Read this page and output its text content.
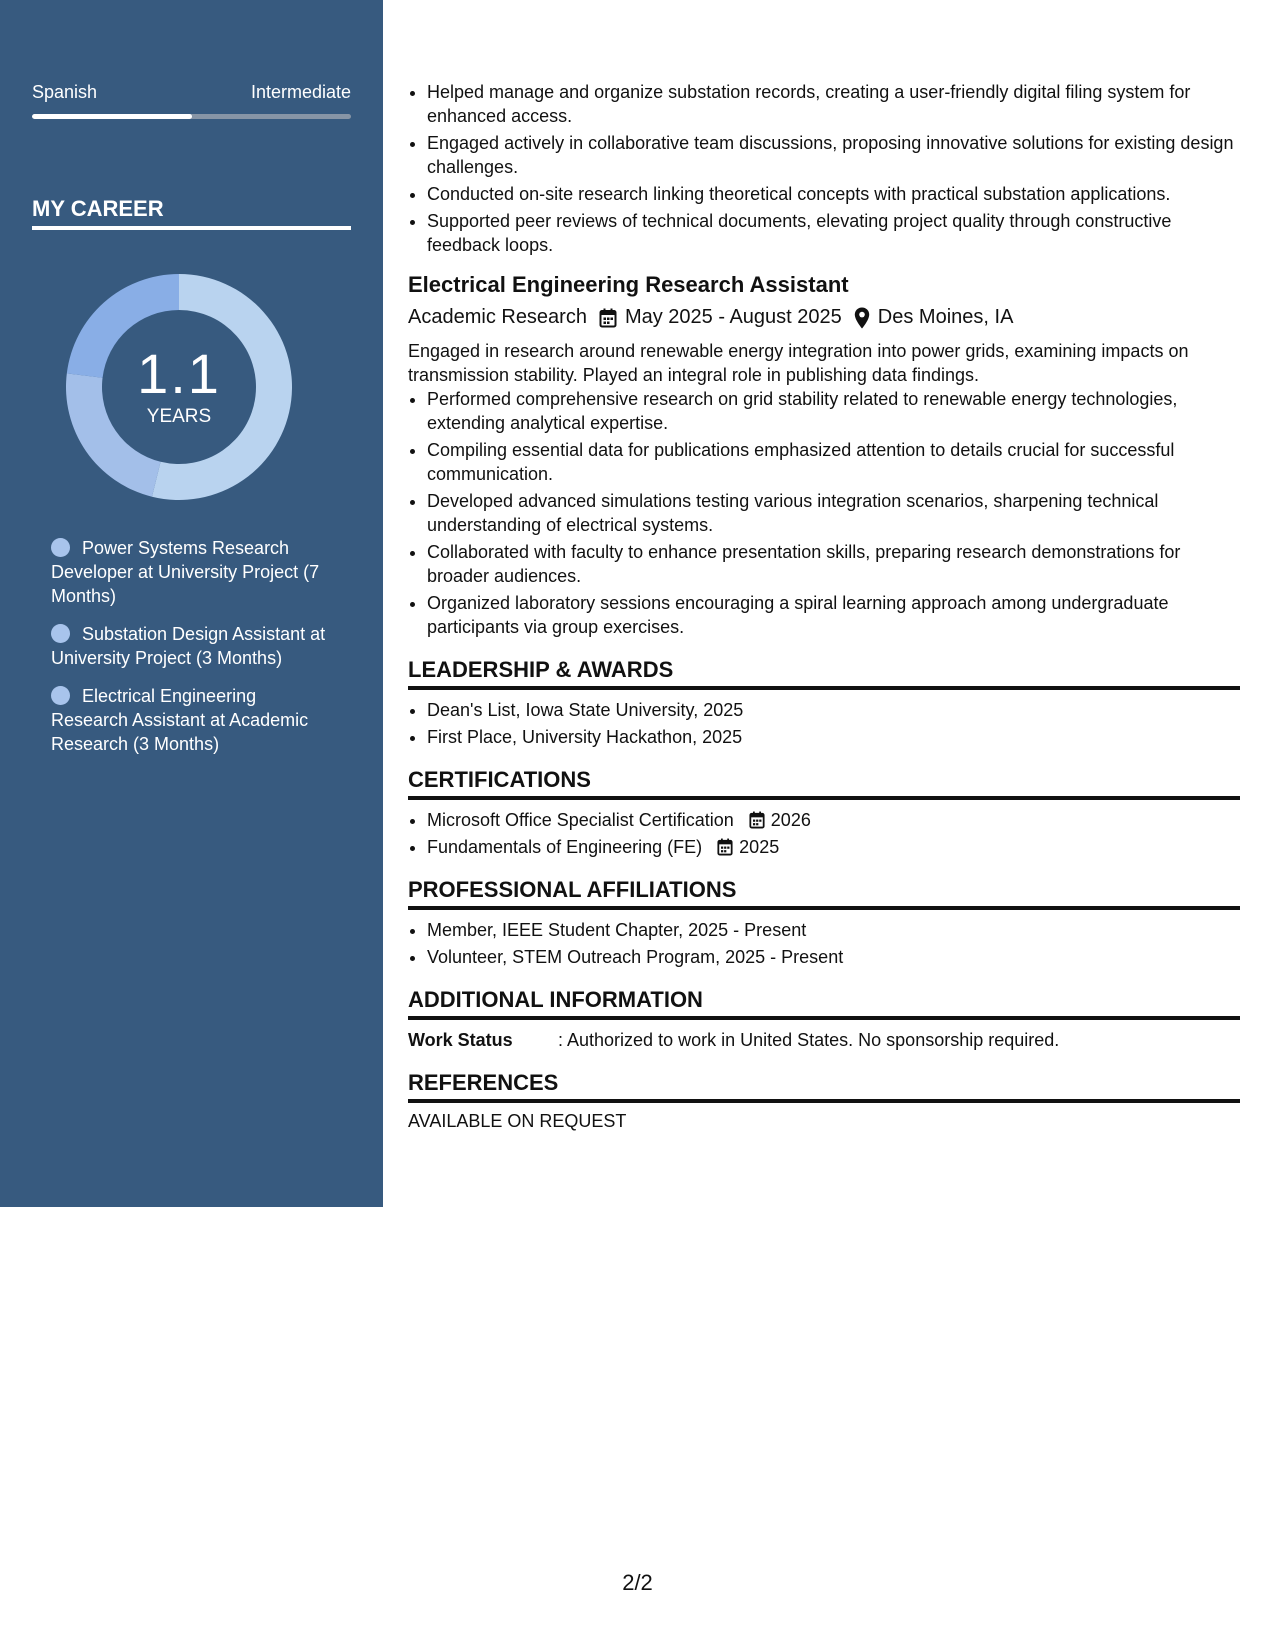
Spanish	Intermediate
MY CAREER
1.1
YEARS
Power Systems Research Developer at University Project (7 Months)
Substation Design Assistant at University Project (3 Months)
Electrical Engineering Research Assistant at Academic Research (3 Months)
• Helped manage and organize substation records, creating a user-friendly digital filing system for enhanced access.
• Engaged actively in collaborative team discussions, proposing innovative solutions for existing design challenges.
• Conducted on-site research linking theoretical concepts with practical substation applications.
• Supported peer reviews of technical documents, elevating project quality through constructive feedback loops.
Electrical Engineering Research Assistant
Academic Research May 2025 - August 2025 Des Moines, IA
Engaged in research around renewable energy integration into power grids, examining impacts on transmission stability. Played an integral role in publishing data findings.
• Performed comprehensive research on grid stability related to renewable energy technologies, extending analytical expertise.
• Compiling essential data for publications emphasized attention to details crucial for successful communication.
• Developed advanced simulations testing various integration scenarios, sharpening technical understanding of electrical systems.
• Collaborated with faculty to enhance presentation skills, preparing research demonstrations for broader audiences.
• Organized laboratory sessions encouraging a spiral learning approach among undergraduate participants via group exercises.
LEADERSHIP & AWARDS
• Dean's List, Iowa State University, 2025
• First Place, University Hackathon, 2025
CERTIFICATIONS
• Microsoft Office Specialist Certification 2026
• Fundamentals of Engineering (FE) 2025
PROFESSIONAL AFFILIATIONS
• Member, IEEE Student Chapter, 2025 - Present
• Volunteer, STEM Outreach Program, 2025 - Present
ADDITIONAL INFORMATION
Work Status	: Authorized to work in United States. No sponsorship required.
REFERENCES
AVAILABLE ON REQUEST
2/2
